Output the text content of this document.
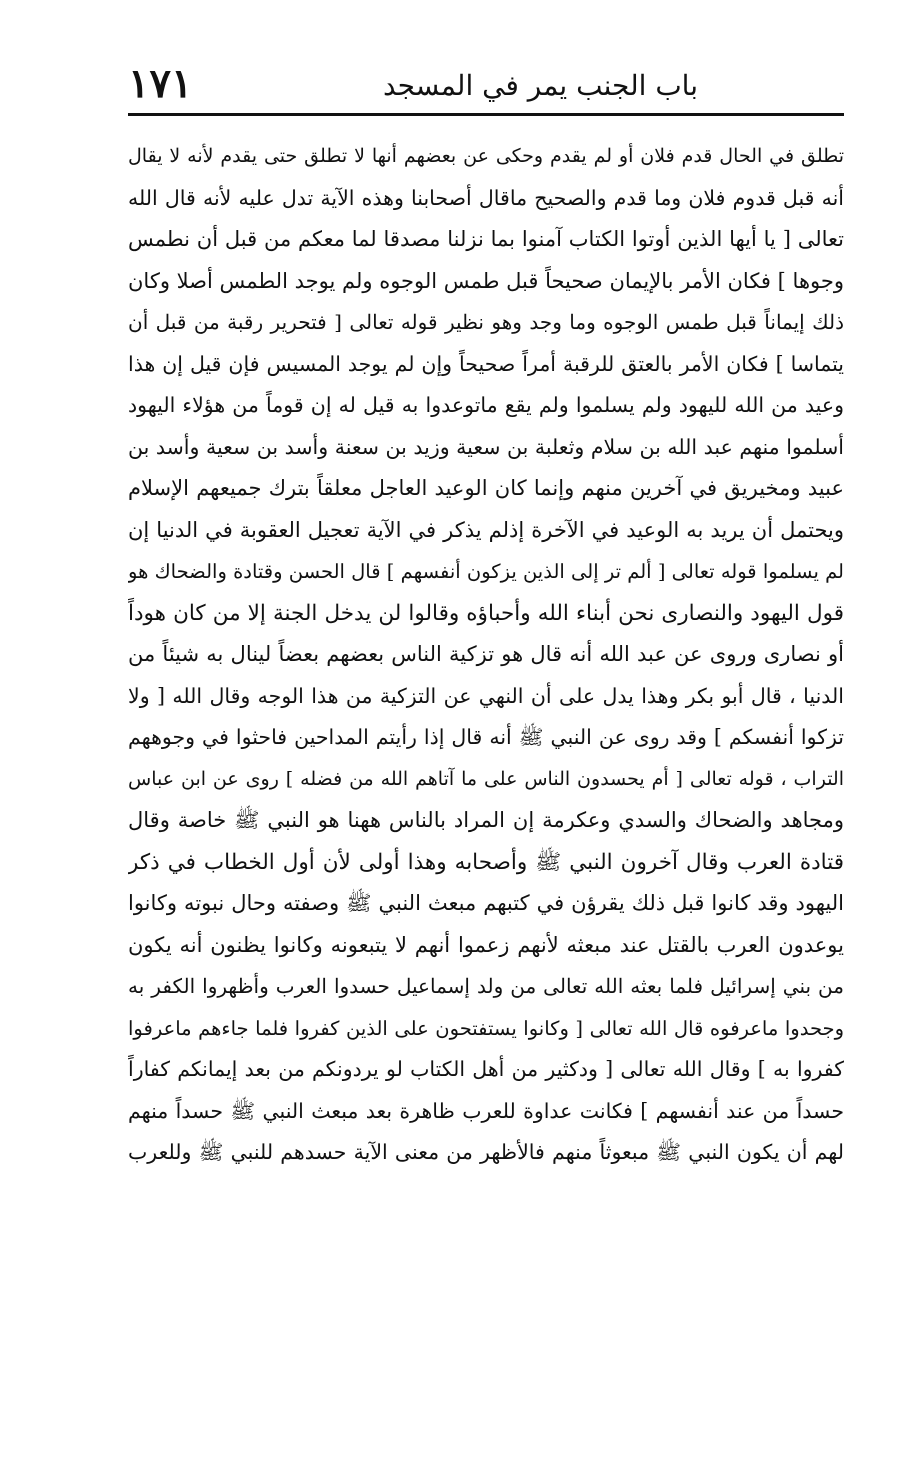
١٧١	باب الجنب يمر في المسجد
تطلق في الحال قدم فلان أو لم يقدم وحكى عن بعضهم أنها لا تطلق حتى يقدم لأنه لا يقال
أنه قبل قدوم فلان وما قدم والصحيح ماقال أصحابنا وهذه الآية تدل عليه لأنه قال الله
تعالى [ يا أيها الذين أوتوا الكتاب آمنوا بما نزلنا مصدقا لما معكم من قبل أن نطمس
وجوها ] فكان الأمر بالإيمان صحيحاً قبل طمس الوجوه ولم يوجد الطمس أصلا وكان
ذلك إيماناً قبل طمس الوجوه وما وجد وهو نظير قوله تعالى [ فتحرير رقبة من قبل أن
يتماسا ] فكان الأمر بالعتق للرقبة أمراً صحيحاً وإن لم يوجد المسيس فإن قيل إن هذا
وعيد من الله لليهود ولم يسلموا ولم يقع ماتوعدوا به قيل له إن قوماً من هؤلاء اليهود
أسلموا منهم عبد الله بن سلام وثعلبة بن سعية وزيد بن سعنة وأسد بن سعية وأسد بن
عبيد ومخيريق في آخرين منهم وإنما كان الوعيد العاجل معلقاً بترك جميعهم الإسلام
ويحتمل أن يريد به الوعيد في الآخرة إذلم يذكر في الآية تعجيل العقوبة في الدنيا إن
لم يسلموا قوله تعالى [ ألم تر إلى الذين يزكون أنفسهم ] قال الحسن وقتادة والضحاك هو
قول اليهود والنصارى نحن أبناء الله وأحباؤه وقالوا لن يدخل الجنة إلا من كان هوداً
أو نصارى وروى عن عبد الله أنه قال هو تزكية الناس بعضهم بعضاً لينال به شيئاً من
الدنيا ، قال أبو بكر وهذا يدل على أن النهي عن التزكية من هذا الوجه وقال الله [ ولا
تزكوا أنفسكم ] وقد روى عن النبي ﷺ أنه قال إذا رأيتم المداحين فاحثوا في وجوههم
التراب ، قوله تعالى [ أم يحسدون الناس على ما آتاهم الله من فضله ] روى عن ابن عباس
ومجاهد والضحاك والسدي وعكرمة إن المراد بالناس ههنا هو النبي ﷺ خاصة وقال
قتادة العرب وقال آخرون النبي ﷺ وأصحابه وهذا أولى لأن أول الخطاب في ذكر
اليهود وقد كانوا قبل ذلك يقرؤن في كتبهم مبعث النبي ﷺ وصفته وحال نبوته وكانوا
يوعدون العرب بالقتل عند مبعثه لأنهم زعموا أنهم لا يتبعونه وكانوا يظنون أنه يكون
من بني إسرائيل فلما بعثه الله تعالى من ولد إسماعيل حسدوا العرب وأظهروا الكفر به
وجحدوا ماعرفوه قال الله تعالى [ وكانوا يستفتحون على الذين كفروا فلما جاءهم ماعرفوا
كفروا به ] وقال الله تعالى [ ودكثير من أهل الكتاب لو يردونكم من بعد إيمانكم كفاراً
حسداً من عند أنفسهم ] فكانت عداوة للعرب ظاهرة بعد مبعث النبي ﷺ حسداً منهم
لهم أن يكون النبي ﷺ مبعوثاً منهم فالأظهر من معنى الآية حسدهم للنبي ﷺ وللعرب
